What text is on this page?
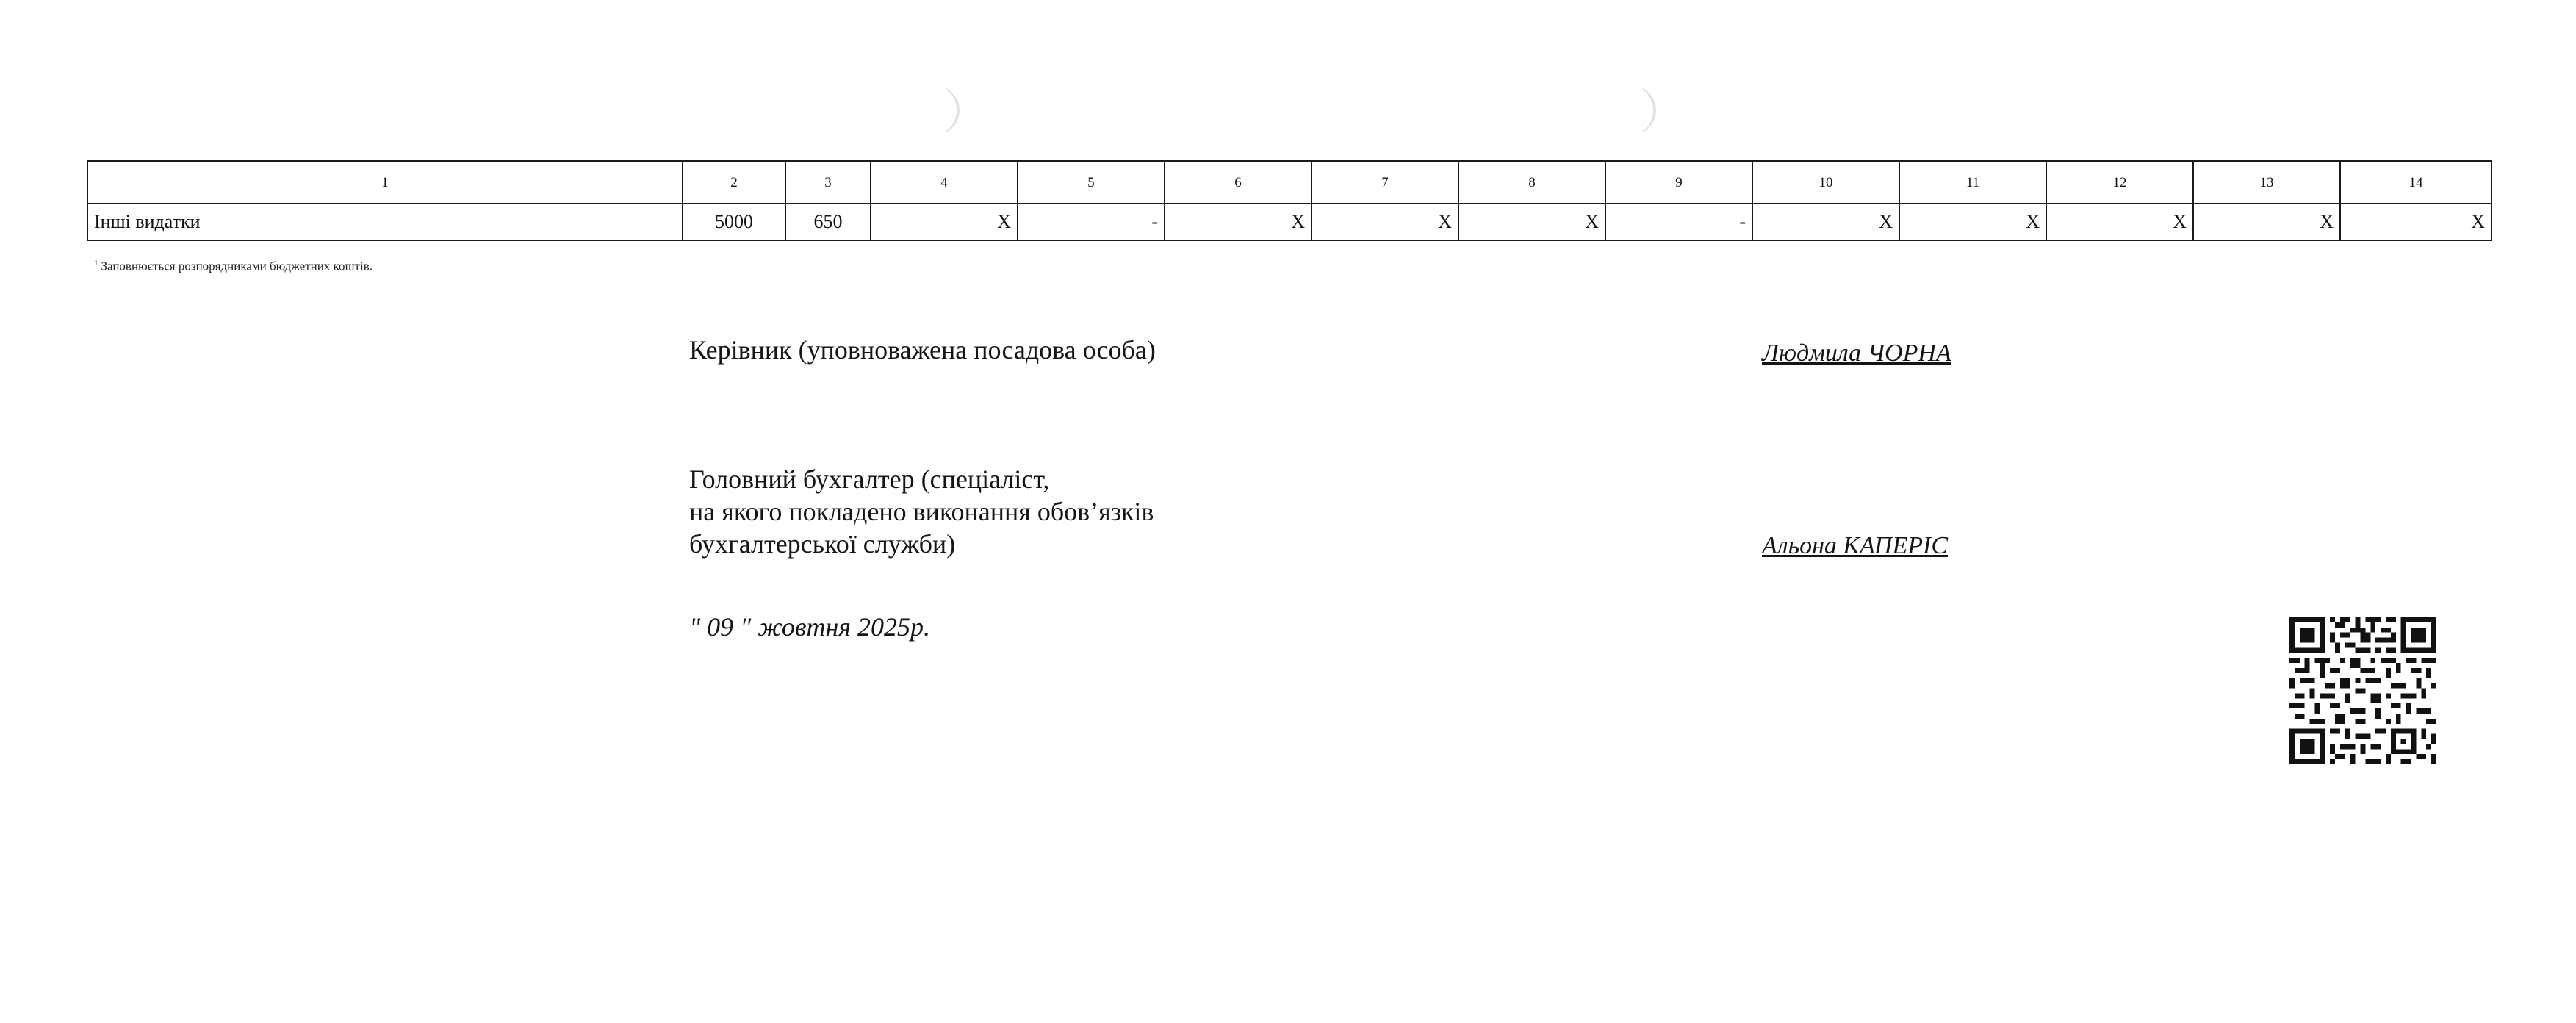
1	2	3	4	5	6	7	8	9	10	11	12	13	14
Інші видатки	5000	650	X	-	X	X	X	-	X	X	X	X	X
$^1$ Заповнюється розпорядниками бюджетних коштів.
Керівник (уповноважена посадова особа)	Людмила ЧОРНА
Головний бухгалтер (спеціаліст,
на якого покладено виконання обов’язків
бухгалтерської служби)	Альона КАПЕРІС
" 09 " жовтня 2025р.
